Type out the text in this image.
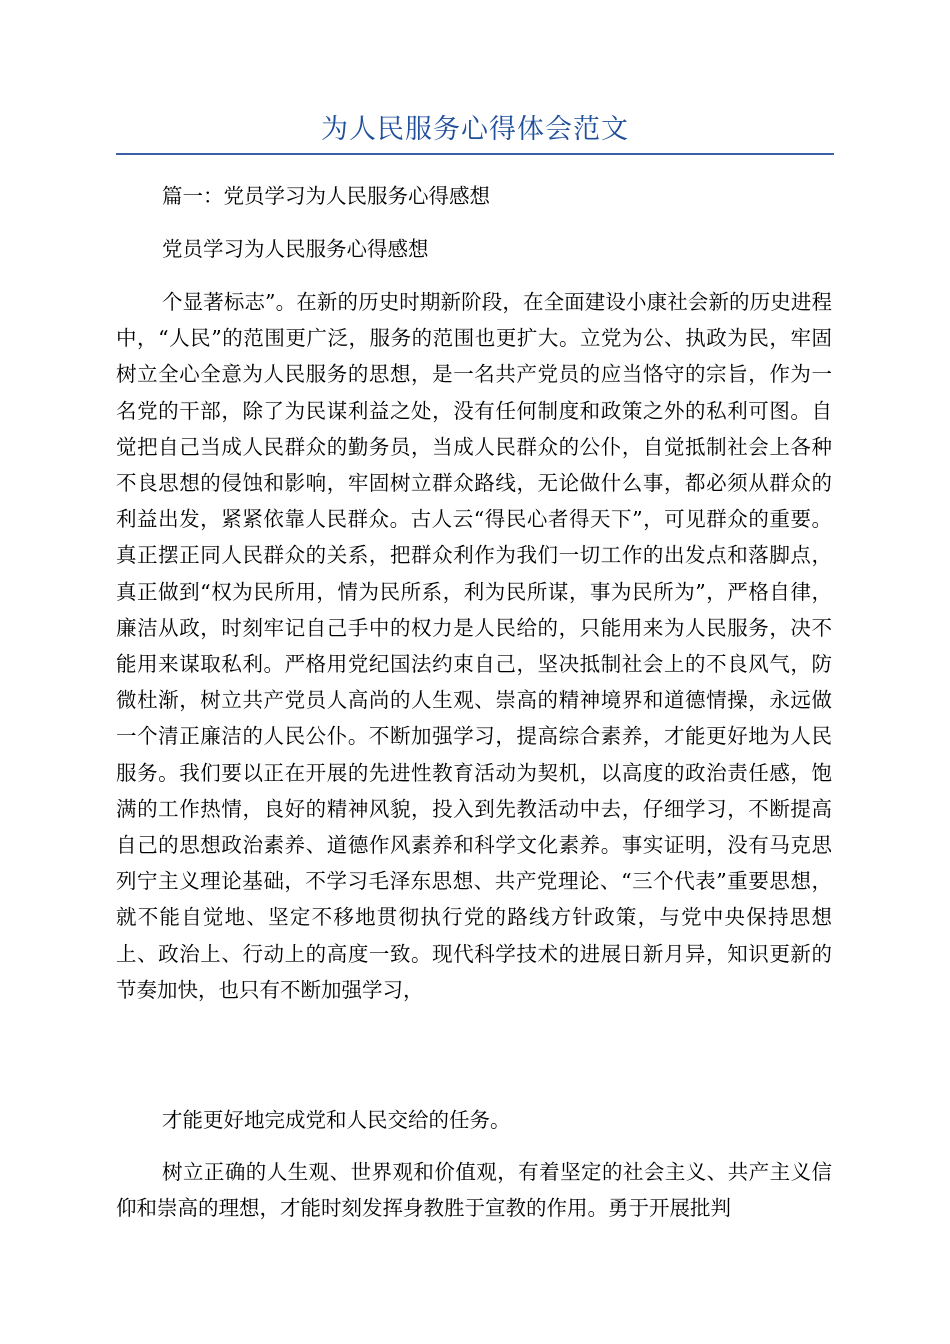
为人民服务心得体会范文

篇一：党员学习为人民服务心得感想

党员学习为人民服务心得感想

个显著标志”。在新的历史时期新阶段，在全面建设小康社会新的历史进程中，“人民”的范围更广泛，服务的范围也更扩大。立党为公、执政为民，牢固树立全心全意为人民服务的思想，是一名共产党员的应当恪守的宗旨，作为一名党的干部，除了为民谋利益之处，没有任何制度和政策之外的私利可图。自觉把自己当成人民群众的勤务员，当成人民群众的公仆，自觉抵制社会上各种不良思想的侵蚀和影响，牢固树立群众路线，无论做什么事，都必须从群众的利益出发，紧紧依靠人民群众。古人云“得民心者得天下”，可见群众的重要。真正摆正同人民群众的关系，把群众利作为我们一切工作的出发点和落脚点，真正做到“权为民所用，情为民所系，利为民所谋，事为民所为”，严格自律，廉洁从政，时刻牢记自己手中的权力是人民给的，只能用来为人民服务，决不能用来谋取私利。严格用党纪国法约束自己，坚决抵制社会上的不良风气，防微杜渐，树立共产党员人高尚的人生观、崇高的精神境界和道德情操，永远做一个清正廉洁的人民公仆。不断加强学习，提高综合素养，才能更好地为人民服务。我们要以正在开展的先进性教育活动为契机，以高度的政治责任感，饱满的工作热情，良好的精神风貌，投入到先教活动中去，仔细学习，不断提高自己的思想政治素养、道德作风素养和科学文化素养。事实证明，没有马克思列宁主义理论基础，不学习毛泽东思想、共产党理论、“三个代表”重要思想，就不能自觉地、坚定不移地贯彻执行党的路线方针政策，与党中央保持思想上、政治上、行动上的高度一致。现代科学技术的进展日新月异，知识更新的节奏加快，也只有不断加强学习，

才能更好地完成党和人民交给的任务。

树立正确的人生观、世界观和价值观，有着坚定的社会主义、共产主义信仰和崇高的理想，才能时刻发挥身教胜于宣教的作用。勇于开展批判
